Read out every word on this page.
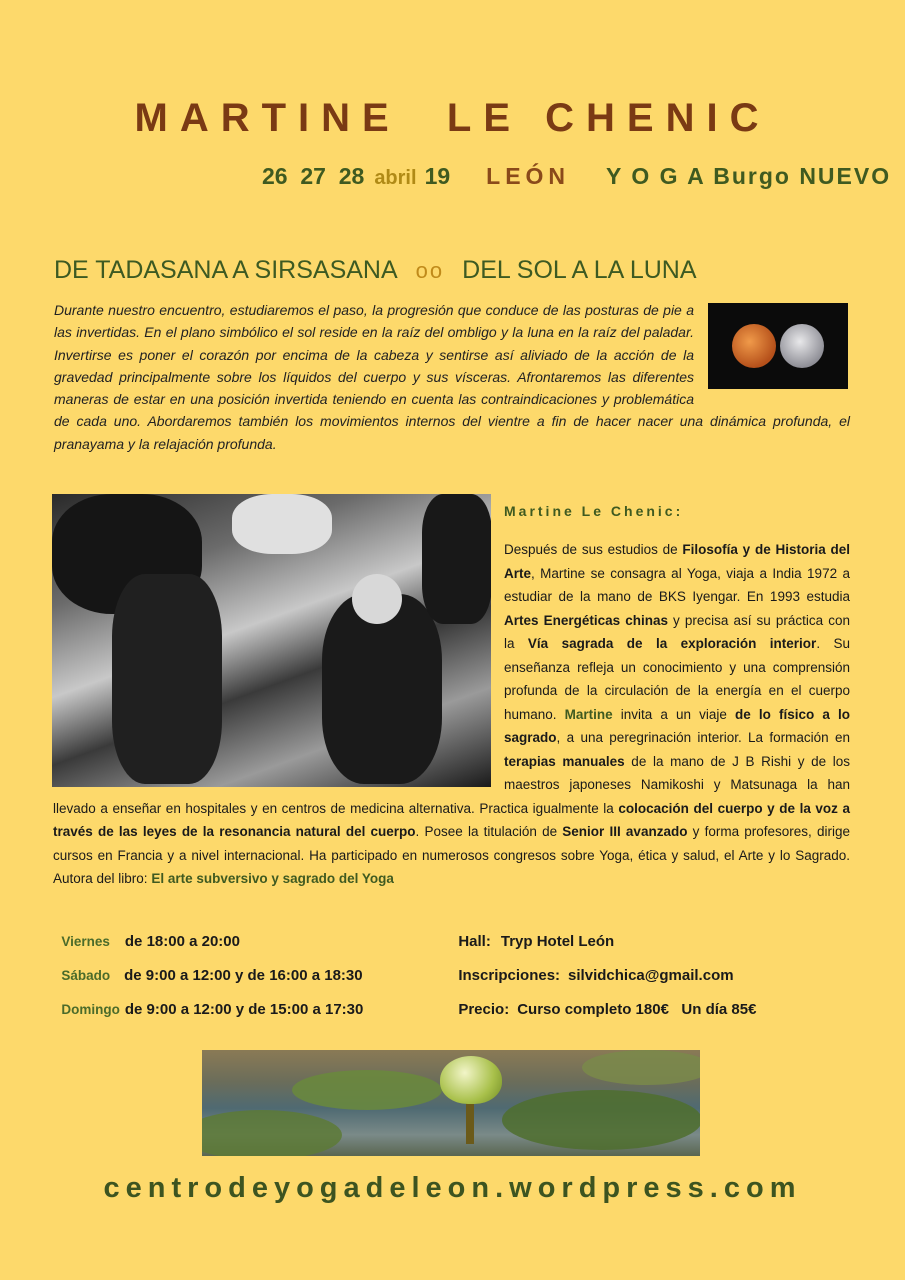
MARTINE  LE CHENIC
26  27  28 abril 19 LEÓN Y O G A Burgo NUEVO
DE TADASANA A SIRSASANA oo DEL SOL A LA LUNA
Durante nuestro encuentro, estudiaremos el paso, la progresión que conduce de las posturas de pie a las invertidas. En el plano simbólico el sol reside en la raíz del ombligo y la luna en la raíz del paladar. Invertirse es poner el corazón por encima de la cabeza y sentirse así aliviado de la acción de la gravedad principalmente sobre los líquidos del cuerpo y sus vísceras. Afrontaremos las diferentes maneras de estar en una posición invertida teniendo en cuenta las contraindicaciones y problemática de cada uno. Abordaremos también los movimientos internos del vientre a fin de hacer nacer una dinámica profunda, el pranayama y la relajación profunda.
Martine Le Chenic:
Después de sus estudios de Filosofía y de Historia del Arte, Martine se consagra al Yoga, viaja a India 1972 a estudiar de la mano de BKS Iyengar. En 1993 estudia Artes Energéticas chinas y precisa así su práctica con la Vía sagrada de la exploración interior. Su enseñanza refleja un conocimiento y una comprensión profunda de la circulación de la energía en el cuerpo humano. Martine invita a un viaje de lo físico a lo sagrado, a una peregrinación interior. La formación en terapias manuales de la mano de J B Rishi y de los maestros japoneses Namikoshi y Matsunaga la han llevado a enseñar en hospitales y en centros de medicina alternativa. Practica igualmente la colocación del cuerpo y de la voz a través de las leyes de la resonancia natural del cuerpo. Posee la titulación de Senior III avanzado y forma profesores, dirige cursos en Francia y a nivel internacional. Ha participado en numerosos congresos sobre Yoga, ética y salud, el Arte y lo Sagrado. Autora del libro: El arte subversivo y sagrado del Yoga

Viernes de 18:00 a 20:00

Sábado de 9:00 a 12:00 y de 16:00 a 18:30

Domingo de 9:00 a 12:00 y de 15:00 a 17:30

Hall: Tryp Hotel León

Inscripciones: silvidchica@gmail.com

Precio: Curso completo 180€   Un día 85€

centrodeyogadeleon.wordpress.com
